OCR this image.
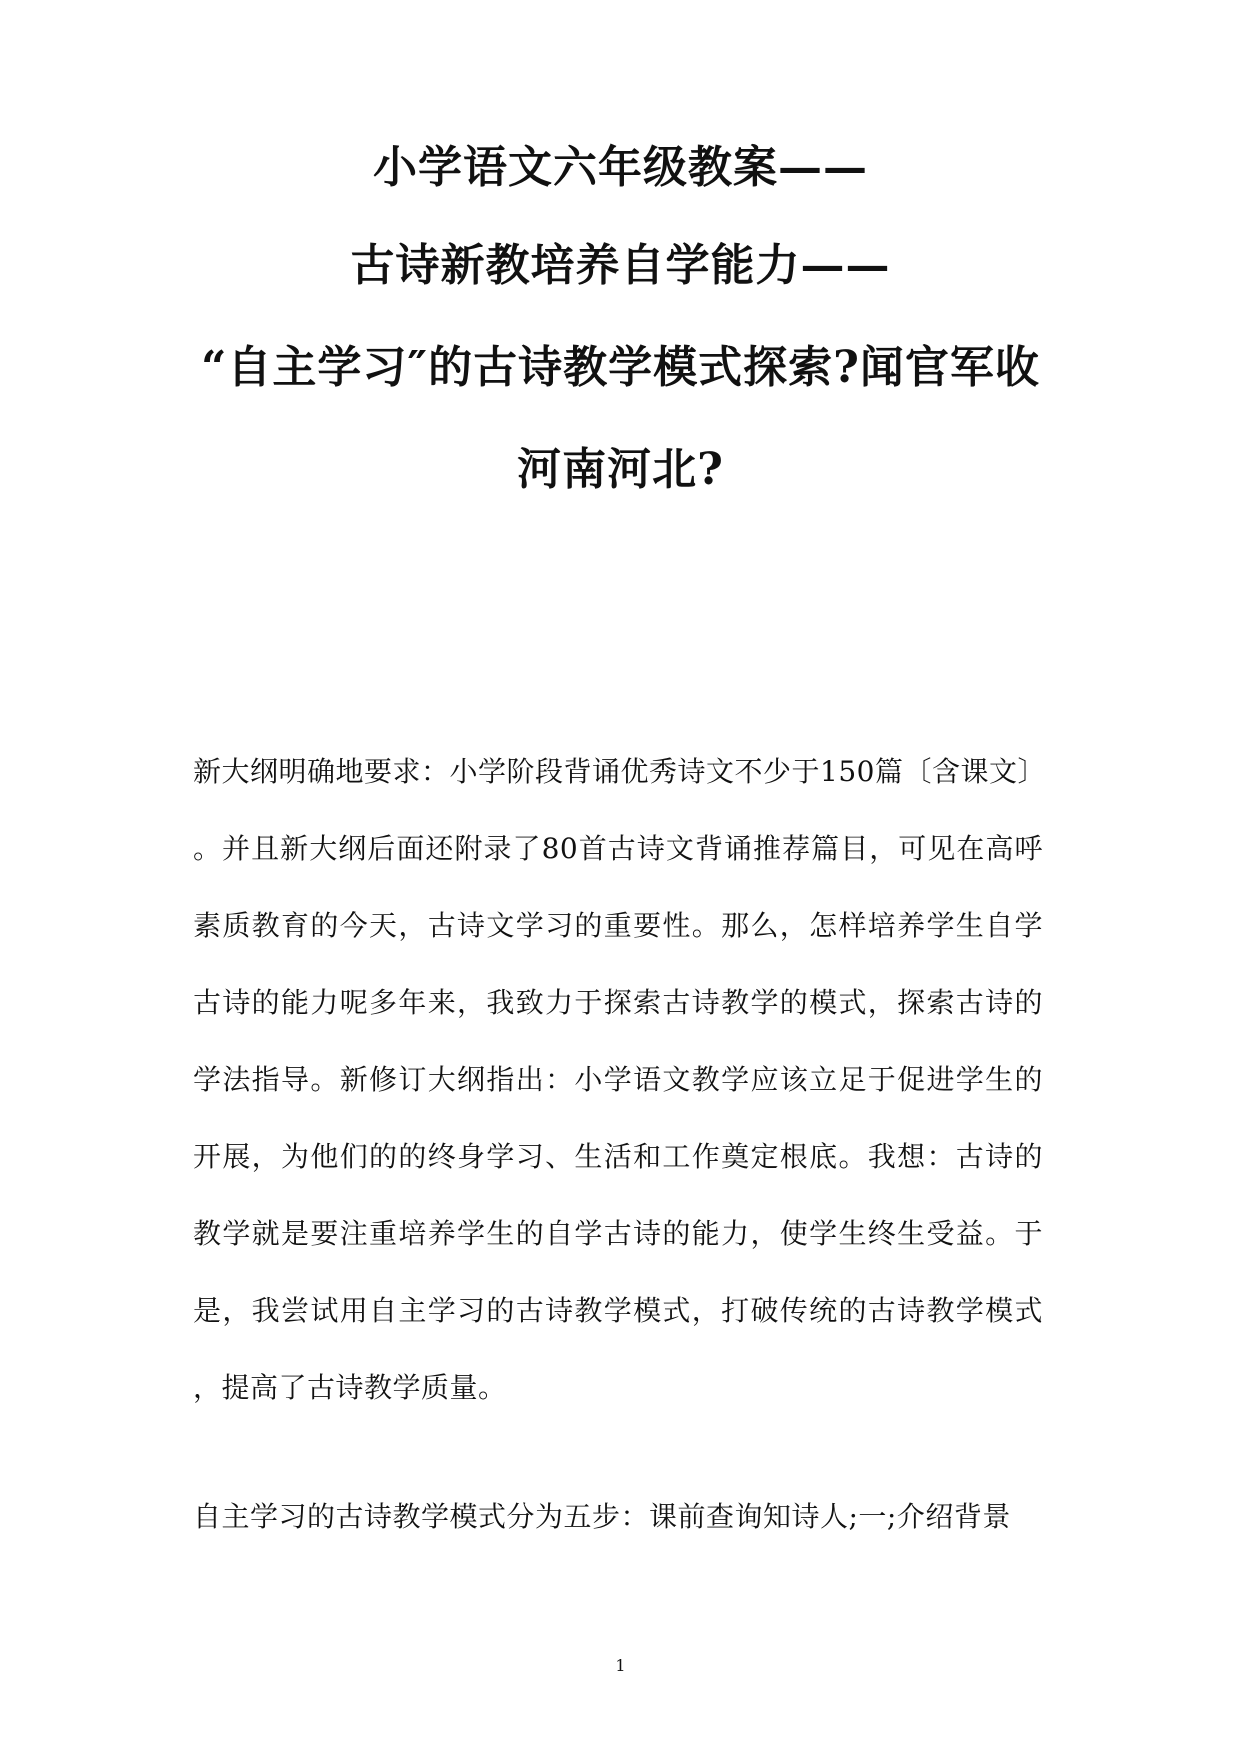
小学语文六年级教案——
古诗新教培养自学能力——
“自主学习″的古诗教学模式探索?闻官军收
河南河北?
新大纲明确地要求：小学阶段背诵优秀诗文不少于150篇〔含课文〕
。并且新大纲后面还附录了80首古诗文背诵推荐篇目，可见在高呼
素质教育的今天，古诗文学习的重要性。那么，怎样培养学生自学
古诗的能力呢多年来，我致力于探索古诗教学的模式，探索古诗的
学法指导。新修订大纲指出：小学语文教学应该立足于促进学生的
开展，为他们的的终身学习、生活和工作奠定根底。我想：古诗的
教学就是要注重培养学生的自学古诗的能力，使学生终生受益。于
是，我尝试用自主学习的古诗教学模式，打破传统的古诗教学模式
，提高了古诗教学质量。
自主学习的古诗教学模式分为五步：课前查询知诗人;一;介绍背景
1
